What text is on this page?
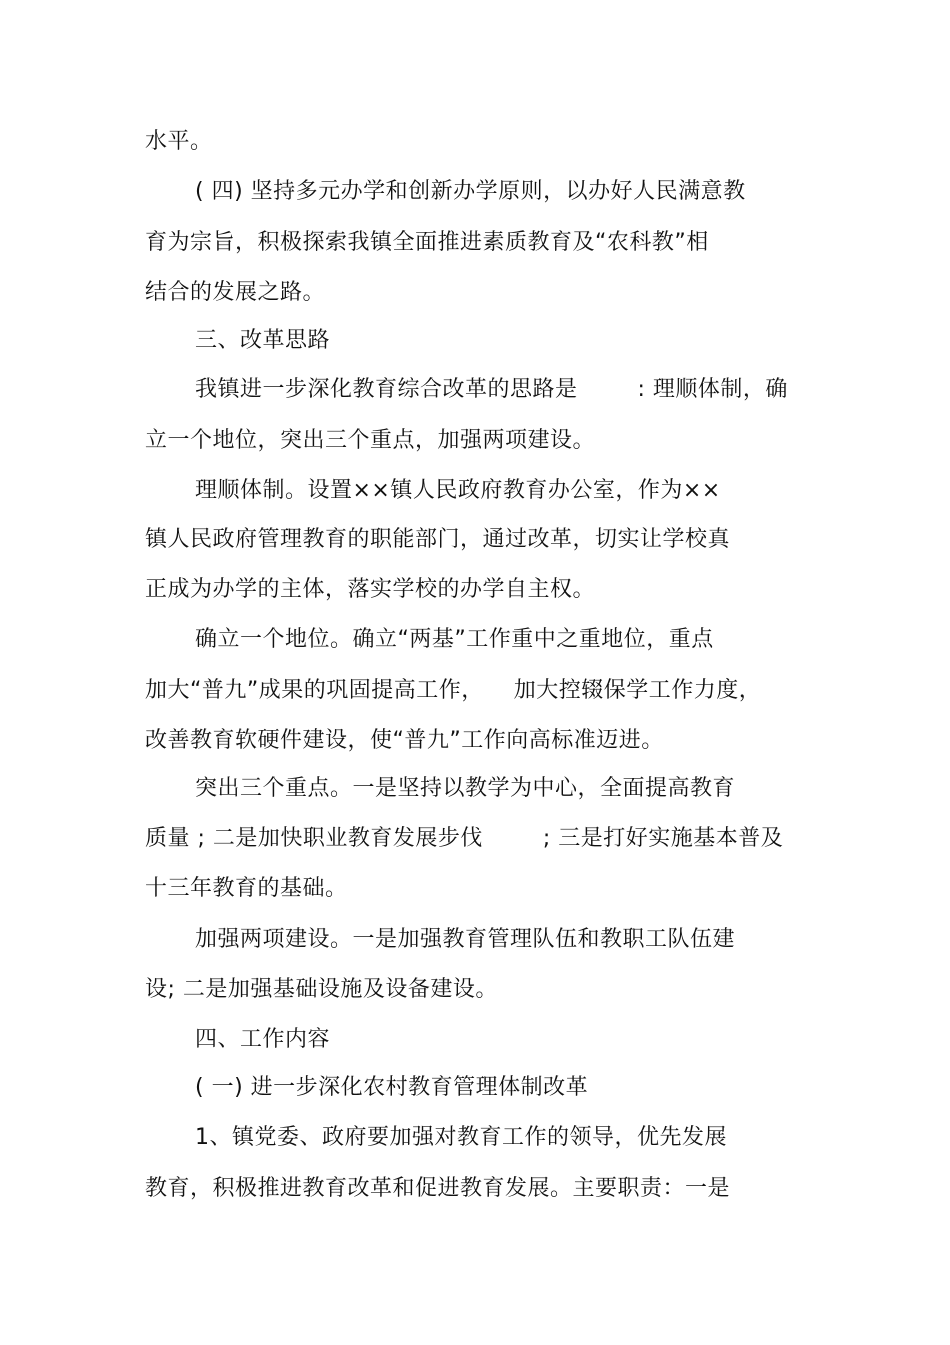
水平。
( 四) 坚持多元办学和创新办学原则，以办好人民满意教
育为宗旨，积极探索我镇全面推进素质教育及“农科教”相
结合的发展之路。
三、改革思路
我镇进一步深化教育综合改革的思路是        : 理顺体制，确
立一个地位，突出三个重点，加强两项建设。
理顺体制。设置××镇人民政府教育办公室，作为××
镇人民政府管理教育的职能部门，通过改革，切实让学校真
正成为办学的主体，落实学校的办学自主权。
确立一个地位。确立“两基”工作重中之重地位，重点
加大“普九”成果的巩固提高工作，    加大控辍保学工作力度，
改善教育软硬件建设，使“普九”工作向高标准迈进。
突出三个重点。一是坚持以教学为中心，全面提高教育
质量 ; 二是加快职业教育发展步伐        ; 三是打好实施基本普及
十三年教育的基础。
加强两项建设。一是加强教育管理队伍和教职工队伍建
设; 二是加强基础设施及设备建设。
四、工作内容
( 一) 进一步深化农村教育管理体制改革
1、镇党委、政府要加强对教育工作的领导，优先发展
教育，积极推进教育改革和促进教育发展。主要职责：一是
